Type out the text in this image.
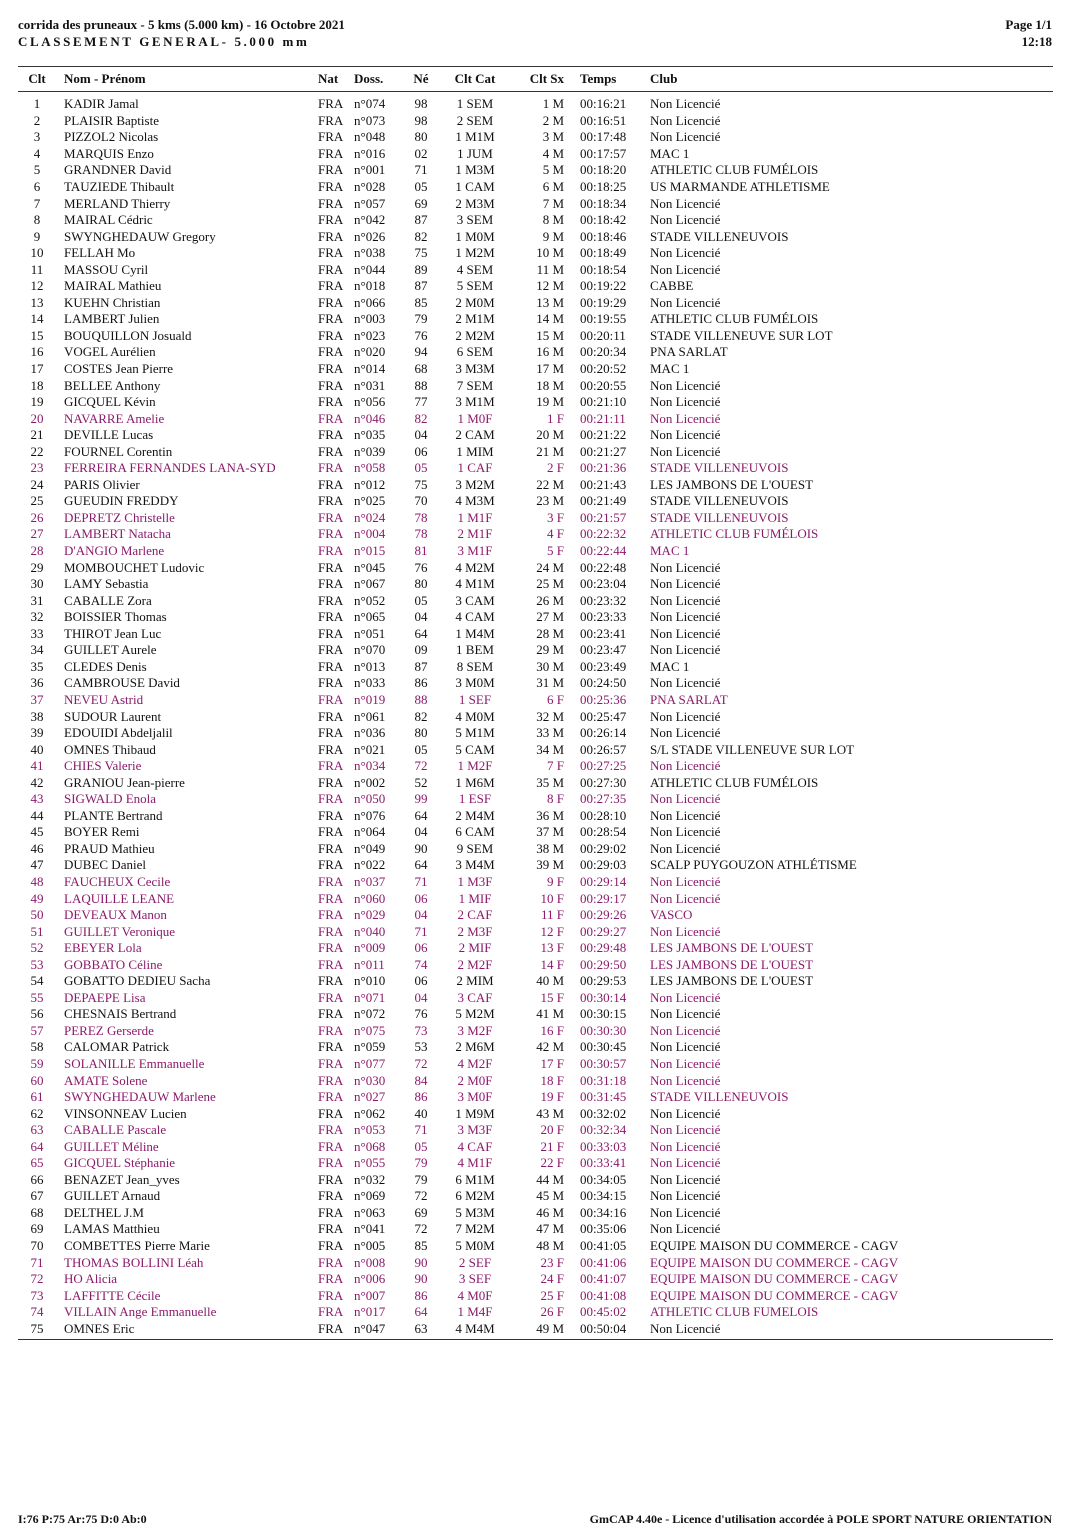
corrida des pruneaux - 5 kms (5.000 km) - 16 Octobre 2021
CLASSEMENT GENERAL- 5.000 mm
Page 1/1
12:18
Clt	Nom - Prénom	Nat	Doss.	Né	Clt Cat	Clt Sx	Temps	Club
1	KADIR Jamal	FRA	n°074	98	1 SEM	1 M	00:16:21	Non Licencié
2	PLAISIR Baptiste	FRA	n°073	98	2 SEM	2 M	00:16:51	Non Licencié
3	PIZZOL2 Nicolas	FRA	n°048	80	1 M1M	3 M	00:17:48	Non Licencié
4	MARQUIS Enzo	FRA	n°016	02	1 JUM	4 M	00:17:57	MAC 1
5	GRANDNER David	FRA	n°001	71	1 M3M	5 M	00:18:20	ATHLETIC CLUB FUMÉLOIS
6	TAUZIEDE Thibault	FRA	n°028	05	1 CAM	6 M	00:18:25	US MARMANDE ATHLETISME
7	MERLAND Thierry	FRA	n°057	69	2 M3M	7 M	00:18:34	Non Licencié
8	MAIRAL Cédric	FRA	n°042	87	3 SEM	8 M	00:18:42	Non Licencié
9	SWYNGHEDAUW Gregory	FRA	n°026	82	1 M0M	9 M	00:18:46	STADE VILLENEUVOIS
10	FELLAH Mo	FRA	n°038	75	1 M2M	10 M	00:18:49	Non Licencié
11	MASSOU Cyril	FRA	n°044	89	4 SEM	11 M	00:18:54	Non Licencié
12	MAIRAL Mathieu	FRA	n°018	87	5 SEM	12 M	00:19:22	CABBE
13	KUEHN Christian	FRA	n°066	85	2 M0M	13 M	00:19:29	Non Licencié
14	LAMBERT Julien	FRA	n°003	79	2 M1M	14 M	00:19:55	ATHLETIC CLUB FUMÉLOIS
15	BOUQUILLON Josuald	FRA	n°023	76	2 M2M	15 M	00:20:11	STADE VILLENEUVE SUR LOT
16	VOGEL Aurélien	FRA	n°020	94	6 SEM	16 M	00:20:34	PNA SARLAT
17	COSTES Jean Pierre	FRA	n°014	68	3 M3M	17 M	00:20:52	MAC 1
18	BELLEE Anthony	FRA	n°031	88	7 SEM	18 M	00:20:55	Non Licencié
19	GICQUEL Kévin	FRA	n°056	77	3 M1M	19 M	00:21:10	Non Licencié
20	NAVARRE Amelie	FRA	n°046	82	1 M0F	1 F	00:21:11	Non Licencié
21	DEVILLE Lucas	FRA	n°035	04	2 CAM	20 M	00:21:22	Non Licencié
22	FOURNEL Corentin	FRA	n°039	06	1 MIM	21 M	00:21:27	Non Licencié
23	FERREIRA FERNANDES LANA-SYD	FRA	n°058	05	1 CAF	2 F	00:21:36	STADE VILLENEUVOIS
24	PARIS Olivier	FRA	n°012	75	3 M2M	22 M	00:21:43	LES JAMBONS DE L'OUEST
25	GUEUDIN FREDDY	FRA	n°025	70	4 M3M	23 M	00:21:49	STADE VILLENEUVOIS
26	DEPRETZ Christelle	FRA	n°024	78	1 M1F	3 F	00:21:57	STADE VILLENEUVOIS
27	LAMBERT Natacha	FRA	n°004	78	2 M1F	4 F	00:22:32	ATHLETIC CLUB FUMÉLOIS
28	D'ANGIO Marlene	FRA	n°015	81	3 M1F	5 F	00:22:44	MAC 1
29	MOMBOUCHET Ludovic	FRA	n°045	76	4 M2M	24 M	00:22:48	Non Licencié
30	LAMY Sebastia	FRA	n°067	80	4 M1M	25 M	00:23:04	Non Licencié
31	CABALLE Zora	FRA	n°052	05	3 CAM	26 M	00:23:32	Non Licencié
32	BOISSIER Thomas	FRA	n°065	04	4 CAM	27 M	00:23:33	Non Licencié
33	THIROT Jean Luc	FRA	n°051	64	1 M4M	28 M	00:23:41	Non Licencié
34	GUILLET Aurele	FRA	n°070	09	1 BEM	29 M	00:23:47	Non Licencié
35	CLEDES Denis	FRA	n°013	87	8 SEM	30 M	00:23:49	MAC 1
36	CAMBROUSE David	FRA	n°033	86	3 M0M	31 M	00:24:50	Non Licencié
37	NEVEU Astrid	FRA	n°019	88	1 SEF	6 F	00:25:36	PNA SARLAT
38	SUDOUR Laurent	FRA	n°061	82	4 M0M	32 M	00:25:47	Non Licencié
39	EDOUIDI Abdeljalil	FRA	n°036	80	5 M1M	33 M	00:26:14	Non Licencié
40	OMNES Thibaud	FRA	n°021	05	5 CAM	34 M	00:26:57	S/L STADE VILLENEUVE SUR LOT
41	CHIES Valerie	FRA	n°034	72	1 M2F	7 F	00:27:25	Non Licencié
42	GRANIOU Jean-pierre	FRA	n°002	52	1 M6M	35 M	00:27:30	ATHLETIC CLUB FUMÉLOIS
43	SIGWALD Enola	FRA	n°050	99	1 ESF	8 F	00:27:35	Non Licencié
44	PLANTE Bertrand	FRA	n°076	64	2 M4M	36 M	00:28:10	Non Licencié
45	BOYER Remi	FRA	n°064	04	6 CAM	37 M	00:28:54	Non Licencié
46	PRAUD Mathieu	FRA	n°049	90	9 SEM	38 M	00:29:02	Non Licencié
47	DUBEC Daniel	FRA	n°022	64	3 M4M	39 M	00:29:03	SCALP PUYGOUZON ATHLÉTISME
48	FAUCHEUX Cecile	FRA	n°037	71	1 M3F	9 F	00:29:14	Non Licencié
49	LAQUILLE LEANE	FRA	n°060	06	1 MIF	10 F	00:29:17	Non Licencié
50	DEVEAUX Manon	FRA	n°029	04	2 CAF	11 F	00:29:26	VASCO
51	GUILLET Veronique	FRA	n°040	71	2 M3F	12 F	00:29:27	Non Licencié
52	EBEYER Lola	FRA	n°009	06	2 MIF	13 F	00:29:48	LES JAMBONS DE L'OUEST
53	GOBBATO Céline	FRA	n°011	74	2 M2F	14 F	00:29:50	LES JAMBONS DE L'OUEST
54	GOBATTO DEDIEU Sacha	FRA	n°010	06	2 MIM	40 M	00:29:53	LES JAMBONS DE L'OUEST
55	DEPAEPE Lisa	FRA	n°071	04	3 CAF	15 F	00:30:14	Non Licencié
56	CHESNAIS Bertrand	FRA	n°072	76	5 M2M	41 M	00:30:15	Non Licencié
57	PEREZ Gerserde	FRA	n°075	73	3 M2F	16 F	00:30:30	Non Licencié
58	CALOMAR Patrick	FRA	n°059	53	2 M6M	42 M	00:30:45	Non Licencié
59	SOLANILLE Emmanuelle	FRA	n°077	72	4 M2F	17 F	00:30:57	Non Licencié
60	AMATE Solene	FRA	n°030	84	2 M0F	18 F	00:31:18	Non Licencié
61	SWYNGHEDAUW Marlene	FRA	n°027	86	3 M0F	19 F	00:31:45	STADE VILLENEUVOIS
62	VINSONNEAV Lucien	FRA	n°062	40	1 M9M	43 M	00:32:02	Non Licencié
63	CABALLE Pascale	FRA	n°053	71	3 M3F	20 F	00:32:34	Non Licencié
64	GUILLET Méline	FRA	n°068	05	4 CAF	21 F	00:33:03	Non Licencié
65	GICQUEL Stéphanie	FRA	n°055	79	4 M1F	22 F	00:33:41	Non Licencié
66	BENAZET Jean_yves	FRA	n°032	79	6 M1M	44 M	00:34:05	Non Licencié
67	GUILLET Arnaud	FRA	n°069	72	6 M2M	45 M	00:34:15	Non Licencié
68	DELTHEL J.M	FRA	n°063	69	5 M3M	46 M	00:34:16	Non Licencié
69	LAMAS Matthieu	FRA	n°041	72	7 M2M	47 M	00:35:06	Non Licencié
70	COMBETTES Pierre Marie	FRA	n°005	85	5 M0M	48 M	00:41:05	EQUIPE MAISON DU COMMERCE - CAGV
71	THOMAS BOLLINI Léah	FRA	n°008	90	2 SEF	23 F	00:41:06	EQUIPE MAISON DU COMMERCE - CAGV
72	HO Alicia	FRA	n°006	90	3 SEF	24 F	00:41:07	EQUIPE MAISON DU COMMERCE - CAGV
73	LAFFITTE Cécile	FRA	n°007	86	4 M0F	25 F	00:41:08	EQUIPE MAISON DU COMMERCE - CAGV
74	VILLAIN Ange Emmanuelle	FRA	n°017	64	1 M4F	26 F	00:45:02	ATHLETIC CLUB FUMELOIS
75	OMNES Eric	FRA	n°047	63	4 M4M	49 M	00:50:04	Non Licencié
I:76 P:75 Ar:75 D:0 Ab:0	GmCAP 4.40e - Licence d'utilisation accordée à POLE SPORT NATURE ORIENTATION
